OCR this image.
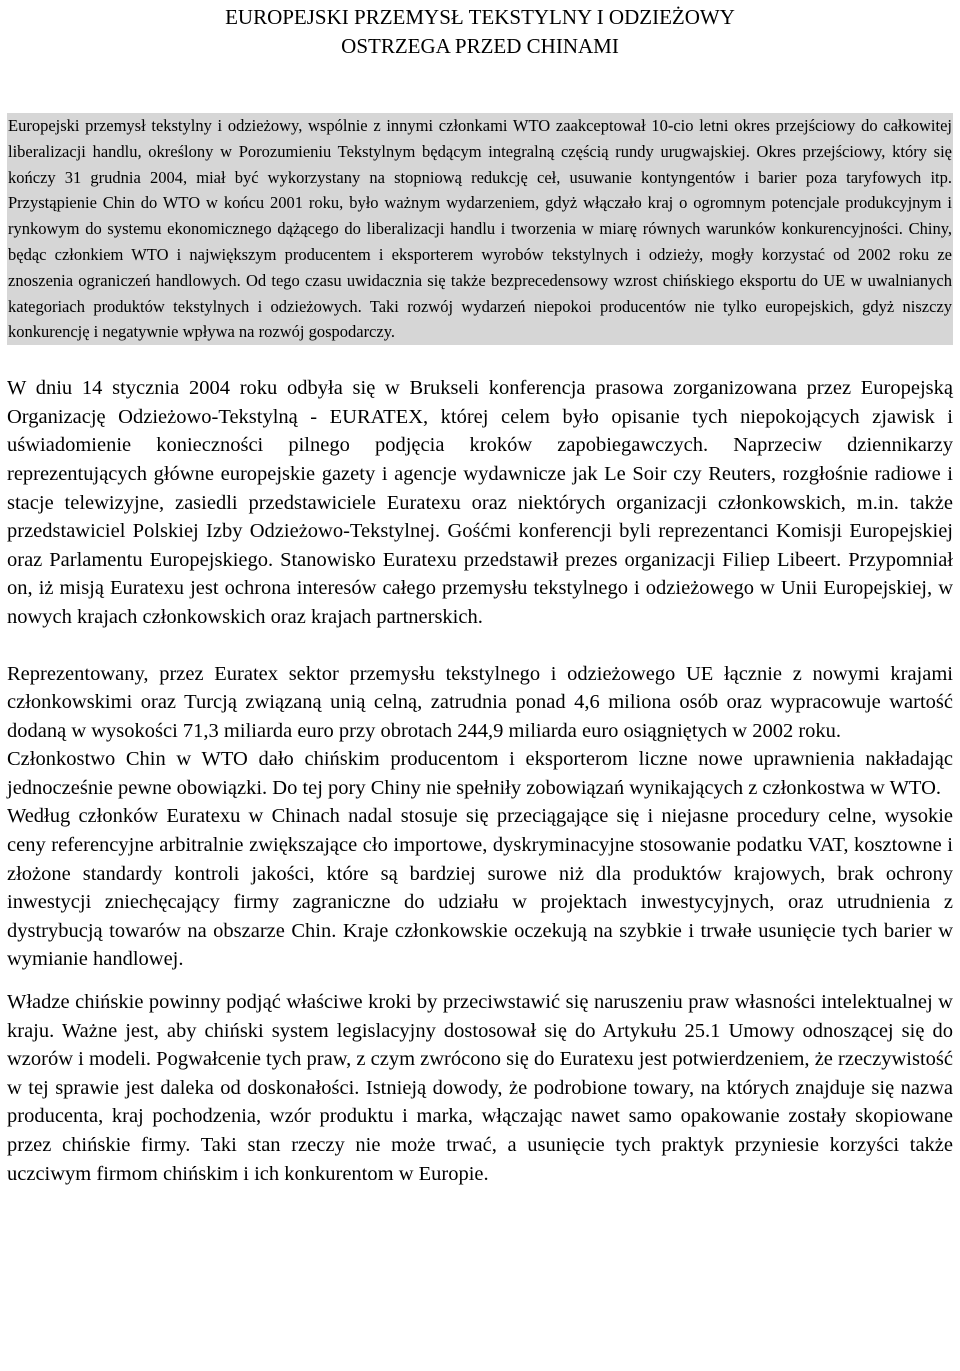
EUROPEJSKI PRZEMYSŁ TEKSTYLNY I ODZIEŻOWY
OSTRZEGA PRZED CHINAMI
Europejski przemysł tekstylny i odzieżowy, wspólnie z innymi członkami WTO zaakceptował 10-cio letni okres przejściowy do całkowitej liberalizacji handlu, określony w Porozumieniu Tekstylnym będącym integralną częścią rundy urugwajskiej. Okres przejściowy, który się kończy 31 grudnia 2004, miał być wykorzystany na stopniową redukcję ceł, usuwanie kontyngentów i barier poza taryfowych itp. Przystąpienie Chin do WTO w końcu 2001 roku, było ważnym wydarzeniem, gdyż włączało kraj o ogromnym potencjale produkcyjnym i rynkowym do systemu ekonomicznego dążącego do liberalizacji handlu i tworzenia w miarę równych warunków konkurencyjności. Chiny, będąc członkiem WTO i największym producentem i eksporterem wyrobów tekstylnych i odzieży, mogły korzystać od 2002 roku ze znoszenia ograniczeń handlowych. Od tego czasu uwidacznia się także bezprecedensowy wzrost chińskiego eksportu do UE w uwalnianych kategoriach produktów tekstylnych i odzieżowych. Taki rozwój wydarzeń niepokoi producentów nie tylko europejskich, gdyż niszczy konkurencję i negatywnie wpływa na rozwój gospodarczy.

W dniu 14 stycznia 2004 roku odbyła się w Brukseli konferencja prasowa zorganizowana przez Europejską Organizację Odzieżowo-Tekstylną - EURATEX, której celem było opisanie tych niepokojących zjawisk i uświadomienie konieczności pilnego podjęcia kroków zapobiegawczych. Naprzeciw dziennikarzy reprezentujących główne europejskie gazety i agencje wydawnicze jak Le Soir czy Reuters, rozgłośnie radiowe i stacje telewizyjne, zasiedli przedstawiciele Euratexu oraz niektórych organizacji członkowskich, m.in. także przedstawiciel Polskiej Izby Odzieżowo-Tekstylnej. Gośćmi konferencji byli reprezentanci Komisji Europejskiej oraz Parlamentu Europejskiego. Stanowisko Euratexu przedstawił prezes organizacji Filiep Libeert. Przypomniał on, iż misją Euratexu jest ochrona interesów całego przemysłu tekstylnego i odzieżowego w Unii Europejskiej, w nowych krajach członkowskich oraz krajach partnerskich.

Reprezentowany, przez Euratex sektor przemysłu tekstylnego i odzieżowego UE łącznie z nowymi krajami członkowskimi oraz Turcją związaną unią celną, zatrudnia ponad 4,6 miliona osób oraz wypracowuje wartość dodaną w wysokości 71,3 miliarda euro przy obrotach 244,9 miliarda euro osiągniętych w 2002 roku.

Członkostwo Chin w WTO dało chińskim producentom i eksporterom liczne nowe uprawnienia nakładając jednocześnie pewne obowiązki. Do tej pory Chiny nie spełniły zobowiązań wynikających z członkostwa w WTO.

Według członków Euratexu w Chinach nadal stosuje się przeciągające się i niejasne procedury celne, wysokie ceny referencyjne arbitralnie zwiększające cło importowe, dyskryminacyjne stosowanie podatku VAT, kosztowne i złożone standardy kontroli jakości, które są bardziej surowe niż dla produktów krajowych, brak ochrony inwestycji zniechęcający firmy zagraniczne do udziału w projektach inwestycyjnych, oraz utrudnienia z dystrybucją towarów na obszarze Chin. Kraje członkowskie oczekują na szybkie i trwałe usunięcie tych barier w wymianie handlowej.

Władze chińskie powinny podjąć właściwe kroki by przeciwstawić się naruszeniu praw własności intelektualnej w kraju. Ważne jest, aby chiński system legislacyjny dostosował się do Artykułu 25.1 Umowy odnoszącej się do wzorów i modeli. Pogwałcenie tych praw, z czym zwrócono się do Euratexu jest potwierdzeniem, że rzeczywistość w tej sprawie jest daleka od doskonałości. Istnieją dowody, że podrobione towary, na których znajduje się nazwa producenta, kraj pochodzenia, wzór produktu i marka, włączając nawet samo opakowanie zostały skopiowane przez chińskie firmy. Taki stan rzeczy nie może trwać, a usunięcie tych praktyk przyniesie korzyści także uczciwym firmom chińskim i ich konkurentom w Europie.
